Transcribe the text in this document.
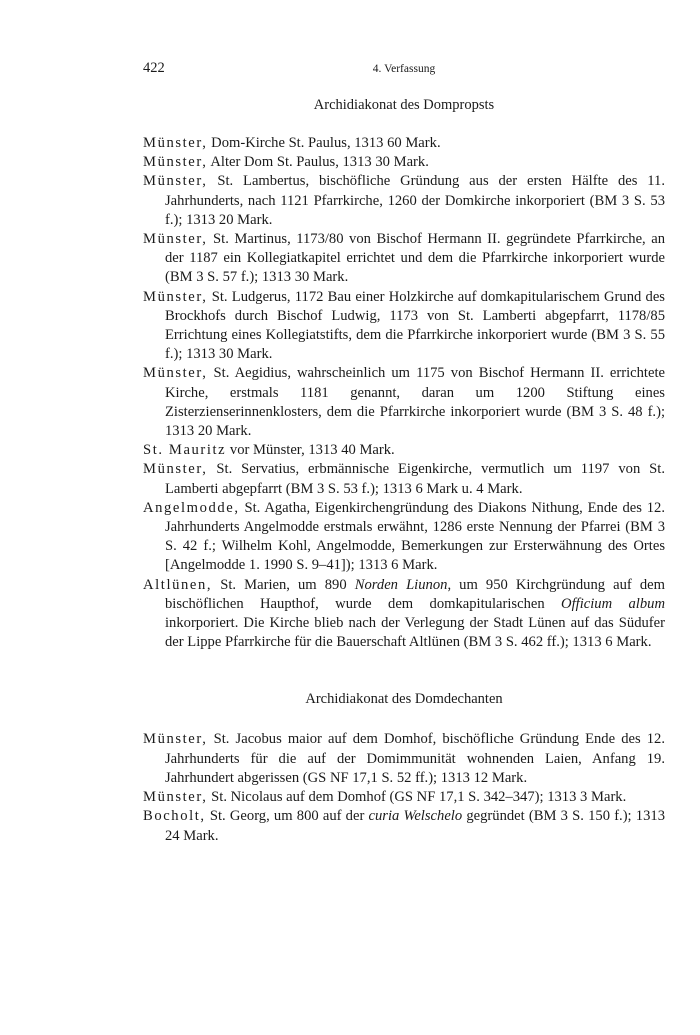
422	4. Verfassung
Archidiakonat des Dompropsts
Münster, Dom-Kirche St. Paulus, 1313 60 Mark.
Münster, Alter Dom St. Paulus, 1313 30 Mark.
Münster, St. Lambertus, bischöfliche Gründung aus der ersten Hälfte des 11. Jahrhunderts, nach 1121 Pfarrkirche, 1260 der Domkirche inkorporiert (BM 3 S. 53 f.); 1313 20 Mark.
Münster, St. Martinus, 1173/80 von Bischof Hermann II. gegründete Pfarrkirche, an der 1187 ein Kollegiatkapitel errichtet und dem die Pfarrkirche inkorporiert wurde (BM 3 S. 57 f.); 1313 30 Mark.
Münster, St. Ludgerus, 1172 Bau einer Holzkirche auf domkapitularischem Grund des Brockhofs durch Bischof Ludwig, 1173 von St. Lamberti abgepfarrt, 1178/85 Errichtung eines Kollegiatstifts, dem die Pfarrkirche inkorporiert wurde (BM 3 S. 55 f.); 1313 30 Mark.
Münster, St. Aegidius, wahrscheinlich um 1175 von Bischof Hermann II. errichtete Kirche, erstmals 1181 genannt, daran um 1200 Stiftung eines Zisterzienserinnenklosters, dem die Pfarrkirche inkorporiert wurde (BM 3 S. 48 f.); 1313 20 Mark.
St. Mauritz vor Münster, 1313 40 Mark.
Münster, St. Servatius, erbmännische Eigenkirche, vermutlich um 1197 von St. Lamberti abgepfarrt (BM 3 S. 53 f.); 1313 6 Mark u. 4 Mark.
Angelmodde, St. Agatha, Eigenkirchengründung des Diakons Nithung, Ende des 12. Jahrhunderts Angelmodde erstmals erwähnt, 1286 erste Nennung der Pfarrei (BM 3 S. 42 f.; Wilhelm Kohl, Angelmodde, Bemerkungen zur Ersterwähnung des Ortes [Angelmodde 1. 1990 S. 9–41]); 1313 6 Mark.
Altlünen, St. Marien, um 890 Norden Liunon, um 950 Kirchgründung auf dem bischöflichen Haupthof, wurde dem domkapitularischen Officium album inkorporiert. Die Kirche blieb nach der Verlegung der Stadt Lünen auf das Südufer der Lippe Pfarrkirche für die Bauerschaft Altlünen (BM 3 S. 462 ff.); 1313 6 Mark.
Archidiakonat des Domdechanten
Münster, St. Jacobus maior auf dem Domhof, bischöfliche Gründung Ende des 12. Jahrhunderts für die auf der Domimmunität wohnenden Laien, Anfang 19. Jahrhundert abgerissen (GS NF 17,1 S. 52 ff.); 1313 12 Mark.
Münster, St. Nicolaus auf dem Domhof (GS NF 17,1 S. 342–347); 1313 3 Mark.
Bocholt, St. Georg, um 800 auf der curia Welschelo gegründet (BM 3 S. 150 f.); 1313 24 Mark.
